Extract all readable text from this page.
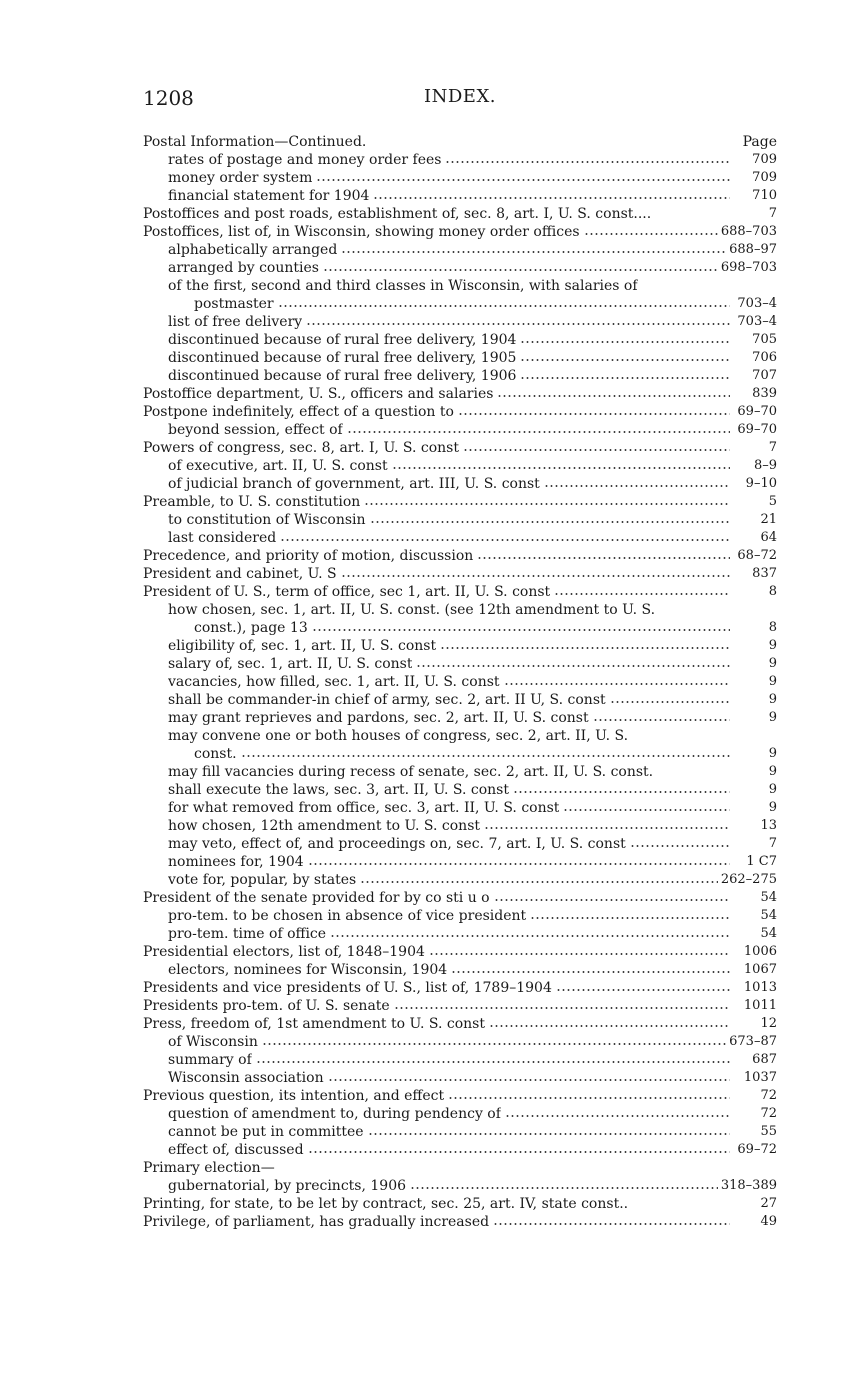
1208	INDEX.
Postal Information—Continued.	Page
rates of postage and money order fees	709
money order system	709
financial statement for 1904	710
Postoffices and post roads, establishment of, sec. 8, art. I, U. S. const....	7
Postoffices, list of, in Wisconsin, showing money order offices	688–703
alphabetically arranged	688–97
arranged by counties	698–703
of the first, second and third classes in Wisconsin, with salaries of
postmaster	703–4
list of free delivery	703–4
discontinued because of rural free delivery, 1904	705
discontinued because of rural free delivery, 1905	706
discontinued because of rural free delivery, 1906	707
Postoffice department, U. S., officers and salaries	839
Postpone indefinitely, effect of a question to	69–70
beyond session, effect of	69–70
Powers of congress, sec. 8, art. I, U. S. const	7
of executive, art. II, U. S. const	8–9
of judicial branch of government, art. III, U. S. const	9–10
Preamble, to U. S. constitution	5
to constitution of Wisconsin	21
last considered	64
Precedence, and priority of motion, discussion	68–72
President and cabinet, U. S	837
President of U. S., term of office, sec 1, art. II, U. S. const	8
how chosen, sec. 1, art. II, U. S. const. (see 12th amendment to U. S.
const.), page 13	8
eligibility of, sec. 1, art. II, U. S. const	9
salary of, sec. 1, art. II, U. S. const	9
vacancies, how filled, sec. 1, art. II, U. S. const	9
shall be commander-in chief of army, sec. 2, art. II U, S. const	9
may grant reprieves and pardons, sec. 2, art. II, U. S. const	9
may convene one or both houses of congress, sec. 2, art. II, U. S.
const.	9
may fill vacancies during recess of senate, sec. 2, art. II, U. S. const.	9
shall execute the laws, sec. 3, art. II, U. S. const	9
for what removed from office, sec. 3, art. II, U. S. const	9
how chosen, 12th amendment to U. S. const	13
may veto, effect of, and proceedings on, sec. 7, art. I, U. S. const	7
nominees for, 1904	1 C7
vote for, popular, by states	262–275
President of the senate provided for by co sti u o	54
pro-tem. to be chosen in absence of vice president	54
pro-tem. time of office	54
Presidential electors, list of, 1848–1904	1006
electors, nominees for Wisconsin, 1904	1067
Presidents and vice presidents of U. S., list of, 1789–1904	1013
Presidents pro-tem. of U. S. senate	1011
Press, freedom of, 1st amendment to U. S. const	12
of Wisconsin	673–87
summary of	687
Wisconsin association	1037
Previous question, its intention, and effect	72
question of amendment to, during pendency of	72
cannot be put in committee	55
effect of, discussed	69–72
Primary election—
gubernatorial, by precincts, 1906	318–389
Printing, for state, to be let by contract, sec. 25, art. IV, state const..	27
Privilege, of parliament, has gradually increased	49
